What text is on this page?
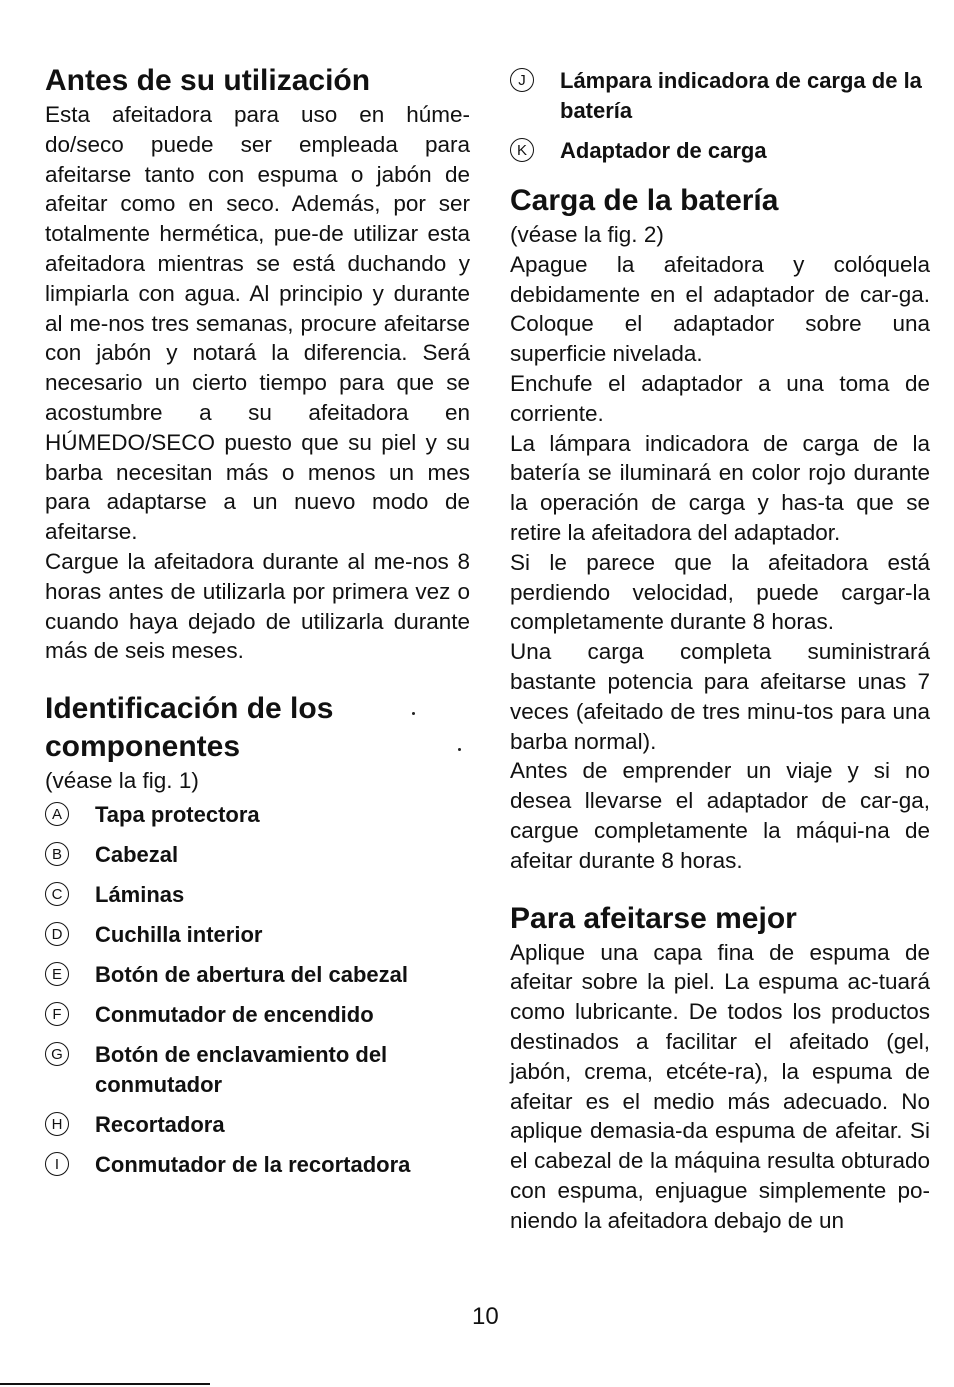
Antes de su utilización

Esta afeitadora para uso en húme-do/seco puede ser empleada para afeitarse tanto con espuma o jabón de afeitar como en seco. Además, por ser totalmente hermética, pue-de utilizar esta afeitadora mientras se está duchando y limpiarla con agua. Al principio y durante al me-nos tres semanas, procure afeitarse con jabón y notará la diferencia. Será necesario un cierto tiempo para que se acostumbre a su afeitadora en HÚMEDO/SECO puesto que su piel y su barba necesitan más o menos un mes para adaptarse a un nuevo modo de afeitarse.

Cargue la afeitadora durante al me-nos 8 horas antes de utilizarla por primera vez o cuando haya dejado de utilizarla durante más de seis meses.

Identificación de los componentes

(véase la fig. 1)

A	Tapa protectora
B	Cabezal
C Láminas
D Cuchilla interior
E	Botón de abertura del cabezal
F	Conmutador de encendido
G Botón de enclavamiento del conmutador
H Recortadora
I	Conmutador de la recortadora
J	Lámpara indicadora de carga de la batería
K	Adaptador de carga
Carga de la batería

(véase la fig. 2)

Apague la afeitadora y colóquela debidamente en el adaptador de car-ga. Coloque el adaptador sobre una superficie nivelada.

Enchufe el adaptador a una toma de corriente.

La lámpara indicadora de carga de la batería se iluminará en color rojo durante la operación de carga y has-ta que se retire la afeitadora del adaptador.

Si le parece que la afeitadora está perdiendo velocidad, puede cargar-la completamente durante 8 horas.

Una carga completa suministrará bastante potencia para afeitarse unas 7 veces (afeitado de tres minu-tos para una barba normal).

Antes de emprender un viaje y si no desea llevarse el adaptador de car-ga, cargue completamente la máqui-na de afeitar durante 8 horas.

Para afeitarse mejor

Aplique una capa fina de espuma de afeitar sobre la piel. La espuma ac-tuará como lubricante. De todos los productos destinados a facilitar el afeitado (gel, jabón, crema, etcéte-ra), la espuma de afeitar es el medio más adecuado. No aplique demasia-da espuma de afeitar. Si el cabezal de la máquina resulta obturado con espuma, enjuague simplemente po-niendo la afeitadora debajo de un

10
